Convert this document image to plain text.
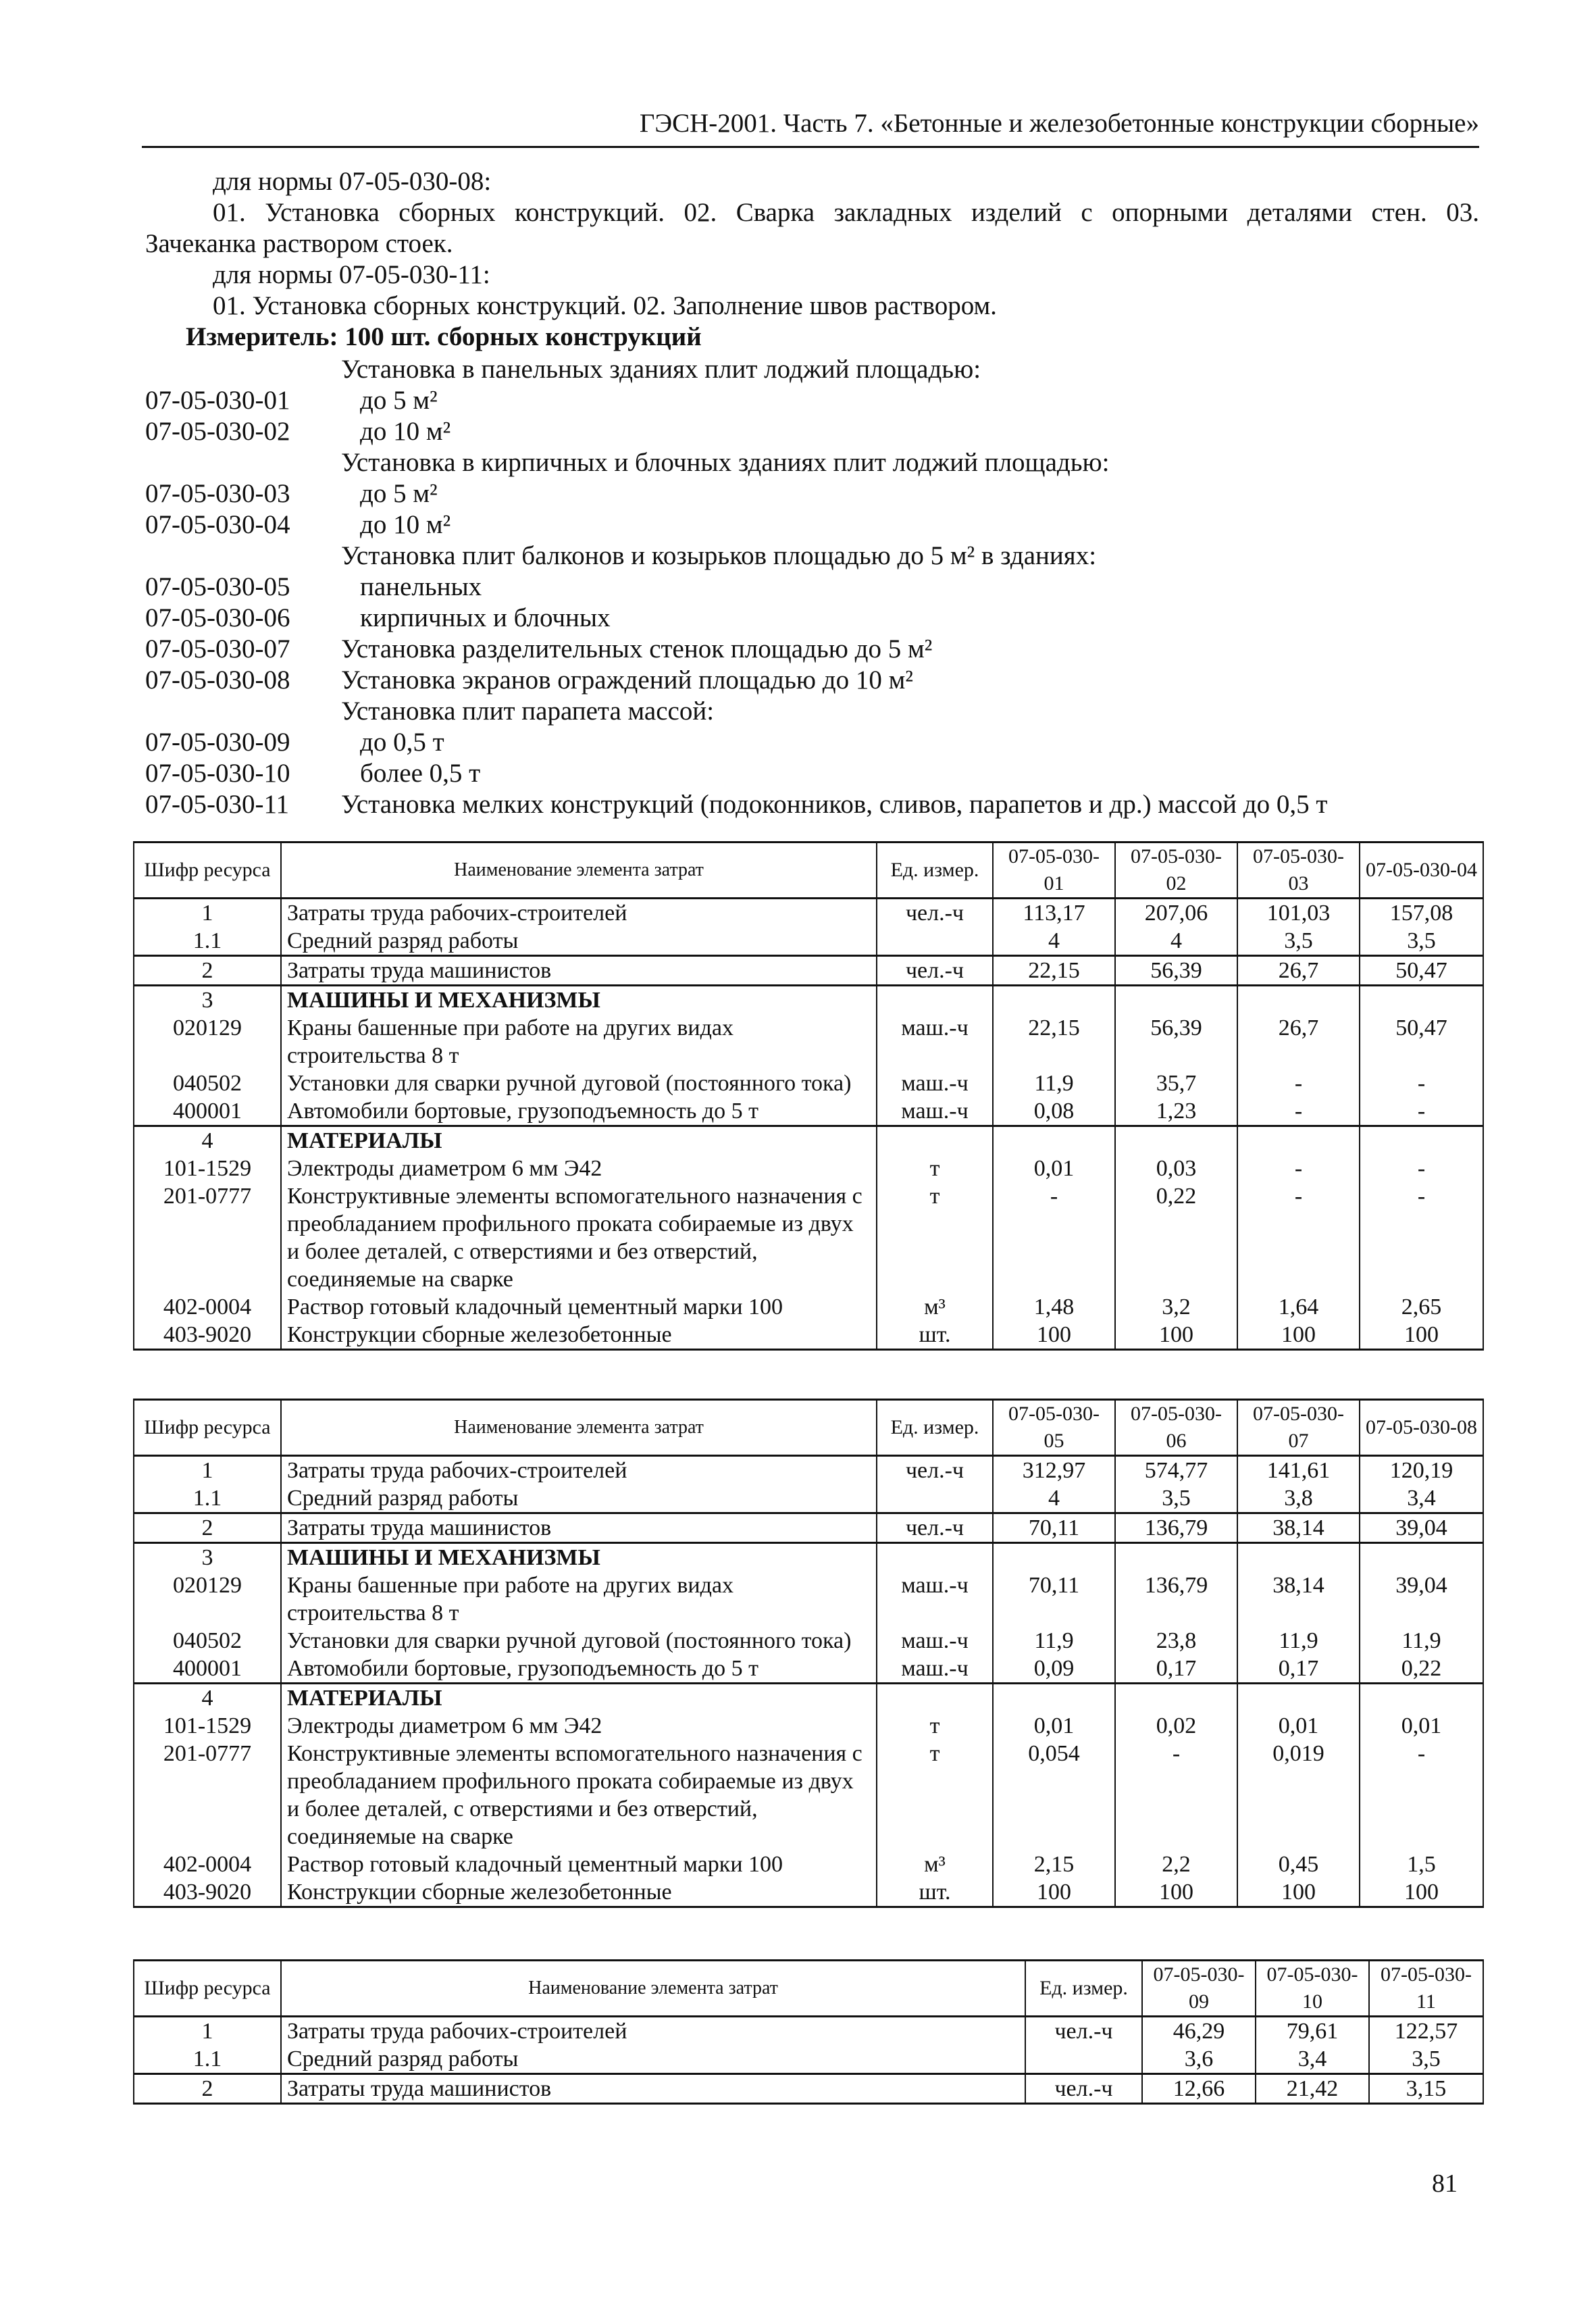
ГЭСН-2001. Часть 7. «Бетонные и железобетонные конструкции сборные»
для нормы 07-05-030-08:
01. Установка сборных конструкций. 02. Сварка закладных изделий с опорными деталями стен. 03.
Зачеканка раствором стоек.
для нормы 07-05-030-11:
01. Установка сборных конструкций. 02. Заполнение швов раствором.
Измеритель: 100 шт. сборных конструкций
Установка в панельных зданиях плит лоджий площадью:
07-05-030-01	до 5 м²
07-05-030-02	до 10 м²
Установка в кирпичных и блочных зданиях плит лоджий площадью:
07-05-030-03	до 5 м²
07-05-030-04	до 10 м²
Установка плит балконов и козырьков площадью до 5 м² в зданиях:
07-05-030-05	панельных
07-05-030-06	кирпичных и блочных
07-05-030-07	Установка разделительных стенок площадью до 5 м²
07-05-030-08	Установка экранов ограждений площадью до 10 м²
Установка плит парапета массой:
07-05-030-09	до 0,5 т
07-05-030-10	более 0,5 т
07-05-030-11	Установка мелких конструкций (подоконников, сливов, парапетов и др.) массой до 0,5 т
Шифр ресурса	Наименование элемента затрат	Ед. измер.	07-05-030-01	07-05-030-02	07-05-030-03	07-05-030-04
1	Затраты труда рабочих-строителей	чел.-ч	113,17	207,06	101,03	157,08
1.1	Средний разряд работы		4	4	3,5	3,5
2	Затраты труда машинистов	чел.-ч	22,15	56,39	26,7	50,47
3	МАШИНЫ И МЕХАНИЗМЫ					
020129	Краны башенные при работе на других видах строительства 8 т	маш.-ч	22,15	56,39	26,7	50,47
040502	Установки для сварки ручной дуговой (постоянного тока)	маш.-ч	11,9	35,7	-	-
400001	Автомобили бортовые, грузоподъемность до 5 т	маш.-ч	0,08	1,23	-	-
4	МАТЕРИАЛЫ					
101-1529	Электроды диаметром 6 мм Э42	т	0,01	0,03	-	-
201-0777	Конструктивные элементы вспомогательного назначения с преобладанием профильного проката собираемые из двух и более деталей, с отверстиями и без отверстий, соединяемые на сварке	т	-	0,22	-	-
402-0004	Раствор готовый кладочный цементный марки 100	м³	1,48	3,2	1,64	2,65
403-9020	Конструкции сборные железобетонные	шт.	100	100	100	100
Шифр ресурса	Наименование элемента затрат	Ед. измер.	07-05-030-05	07-05-030-06	07-05-030-07	07-05-030-08
1	Затраты труда рабочих-строителей	чел.-ч	312,97	574,77	141,61	120,19
1.1	Средний разряд работы		4	3,5	3,8	3,4
2	Затраты труда машинистов	чел.-ч	70,11	136,79	38,14	39,04
3	МАШИНЫ И МЕХАНИЗМЫ					
020129	Краны башенные при работе на других видах строительства 8 т	маш.-ч	70,11	136,79	38,14	39,04
040502	Установки для сварки ручной дуговой (постоянного тока)	маш.-ч	11,9	23,8	11,9	11,9
400001	Автомобили бортовые, грузоподъемность до 5 т	маш.-ч	0,09	0,17	0,17	0,22
4	МАТЕРИАЛЫ					
101-1529	Электроды диаметром 6 мм Э42	т	0,01	0,02	0,01	0,01
201-0777	Конструктивные элементы вспомогательного назначения с преобладанием профильного проката собираемые из двух и более деталей, с отверстиями и без отверстий, соединяемые на сварке	т	0,054	-	0,019	-
402-0004	Раствор готовый кладочный цементный марки 100	м³	2,15	2,2	0,45	1,5
403-9020	Конструкции сборные железобетонные	шт.	100	100	100	100
Шифр ресурса	Наименование элемента затрат	Ед. измер.	07-05-030-09	07-05-030-10	07-05-030-11
1	Затраты труда рабочих-строителей	чел.-ч	46,29	79,61	122,57
1.1	Средний разряд работы		3,6	3,4	3,5
2	Затраты труда машинистов	чел.-ч	12,66	21,42	3,15
81
